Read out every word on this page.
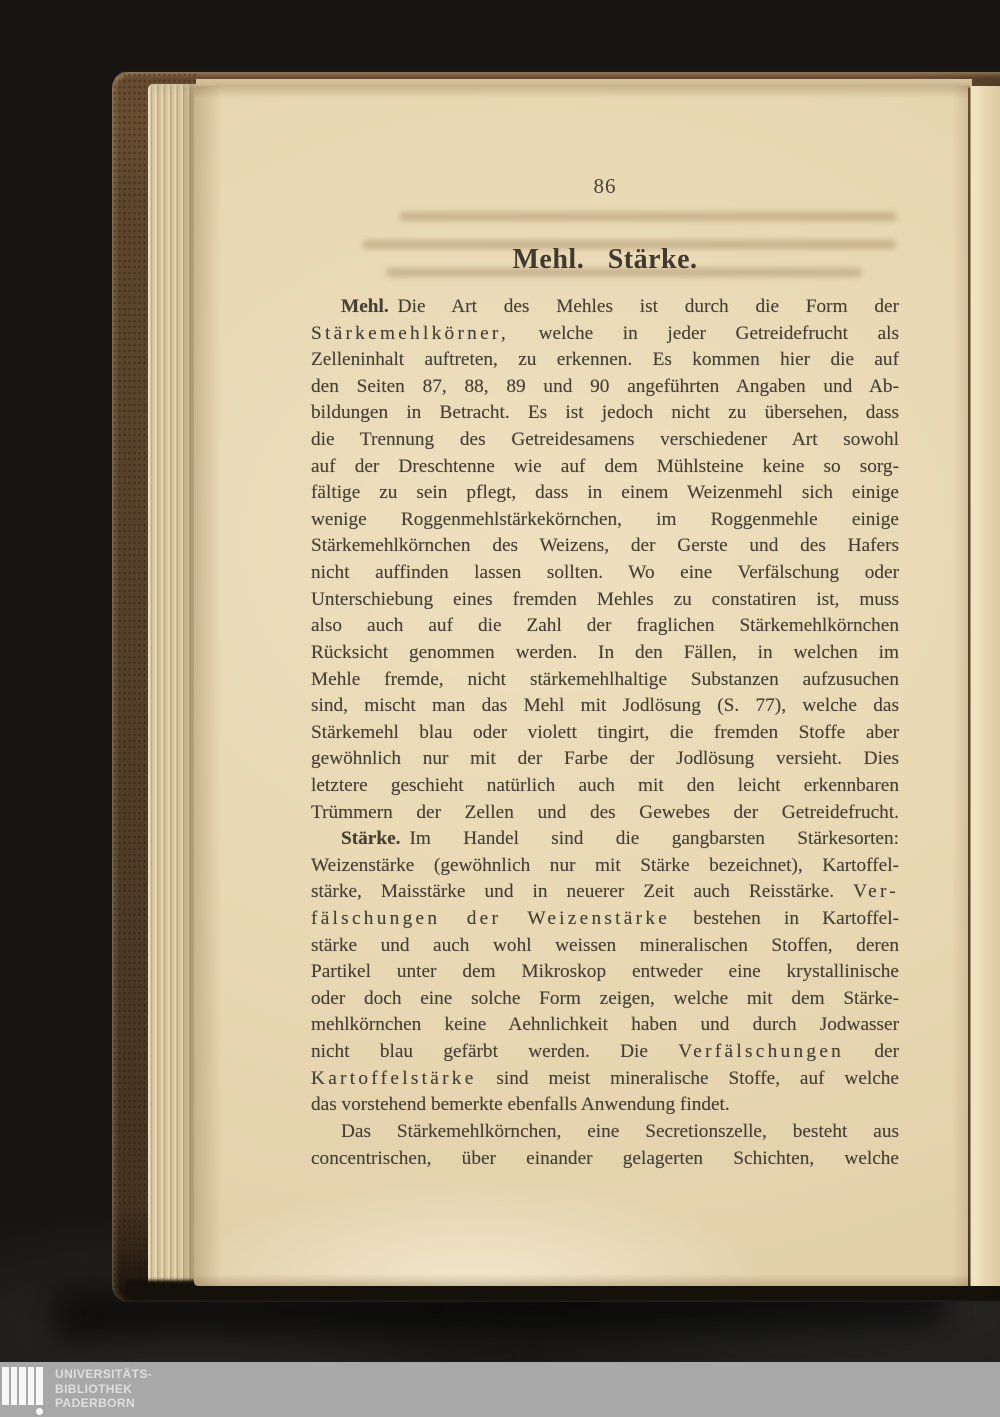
86
Mehl. Stärke.
Mehl. Die Art des Mehles ist durch die Form der
Stärkemehlkörner, welche in jeder Getreidefrucht als
Zelleninhalt auftreten, zu erkennen. Es kommen hier die auf
den Seiten 87, 88, 89 und 90 angeführten Angaben und Ab-
bildungen in Betracht. Es ist jedoch nicht zu übersehen, dass
die Trennung des Getreidesamens verschiedener Art sowohl
auf der Dreschtenne wie auf dem Mühlsteine keine so sorg-
fältige zu sein pflegt, dass in einem Weizenmehl sich einige
wenige Roggenmehlstärkekörnchen, im Roggenmehle einige
Stärkemehlkörnchen des Weizens, der Gerste und des Hafers
nicht auffinden lassen sollten. Wo eine Verfälschung oder
Unterschiebung eines fremden Mehles zu constatiren ist, muss
also auch auf die Zahl der fraglichen Stärkemehlkörnchen
Rücksicht genommen werden. In den Fällen, in welchen im
Mehle fremde, nicht stärkemehlhaltige Substanzen aufzusuchen
sind, mischt man das Mehl mit Jodlösung (S. 77), welche das
Stärkemehl blau oder violett tingirt, die fremden Stoffe aber
gewöhnlich nur mit der Farbe der Jodlösung versieht. Dies
letztere geschieht natürlich auch mit den leicht erkennbaren
Trümmern der Zellen und des Gewebes der Getreidefrucht.
Stärke. Im Handel sind die gangbarsten Stärkesorten:
Weizenstärke (gewöhnlich nur mit Stärke bezeichnet), Kartoffel-
stärke, Maisstärke und in neuerer Zeit auch Reisstärke. Ver-
fälschungen der Weizenstärke bestehen in Kartoffel-
stärke und auch wohl weissen mineralischen Stoffen, deren
Partikel unter dem Mikroskop entweder eine krystallinische
oder doch eine solche Form zeigen, welche mit dem Stärke-
mehlkörnchen keine Aehnlichkeit haben und durch Jodwasser
nicht blau gefärbt werden. Die Verfälschungen der
Kartoffelstärke sind meist mineralische Stoffe, auf welche
das vorstehend bemerkte ebenfalls Anwendung findet.
Das Stärkemehlkörnchen, eine Secretionszelle, besteht aus
concentrischen, über einander gelagerten Schichten, welche
UNIVERSITÄTS-
BIBLIOTHEK
PADERBORN
